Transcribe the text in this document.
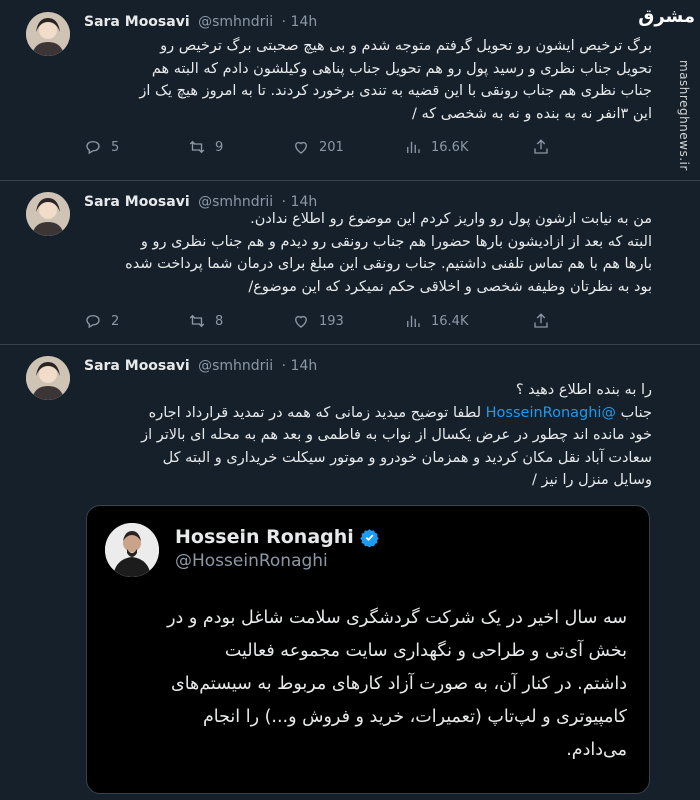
مشرق
mashreghnews.ir
Sara Moosavi @smhndrii · 14h
برگ ترخیص ایشون رو تحویل گرفتم متوجه شدم و بی هیچ صحبتی برگ ترخیص رو
تحویل جناب نظری و رسید پول رو هم تحویل جناب پناهی وکیلشون دادم که البته هم
جناب نظری هم جناب رونقی با این قضیه به تندی برخورد کردند. تا به امروز هیچ یک از
این ۳انفر نه به بنده و نه به شخصی که /
5	9	201	16.6K
Sara Moosavi @smhndrii · 14h
من به نیابت ازشون پول رو واریز کردم این موضوع رو اطلاع ندادن.
البته که بعد از ازادیشون بارها حضورا هم جناب رونقی رو دیدم و هم جناب نظری رو و
بارها هم با هم تماس تلفنی داشتیم. جناب رونقی این مبلغ برای درمان شما پرداخت شده
بود به نظرتان وظیفه شخصی و اخلاقی حکم نمیکرد که این موضوع/
2	8	193	16.4K
Sara Moosavi @smhndrii · 14h
را به بنده اطلاع دهید ؟
جناب @HosseinRonaghi لطفا توضیح میدید زمانی که همه در تمدید قرارداد اجاره
خود مانده اند چطور در عرض یکسال از نواب به فاطمی و بعد هم به محله ای بالاتر از
سعادت آباد نقل مکان کردید و همزمان خودرو و موتور سیکلت خریداری و البته کل
وسایل منزل را نیز /
Hossein Ronaghi
@HosseinRonaghi
سه سال اخیر در یک شرکت گردشگری سلامت شاغل بودم و در
بخش آی‌تی و طراحی و نگهداری سایت مجموعه فعالیت
داشتم. در کنار آن، به صورت آزاد کارهای مربوط به سیستم‌های
کامپیوتری و لپ‌تاپ (تعمیرات، خرید و فروش و...) را انجام
می‌دادم.
